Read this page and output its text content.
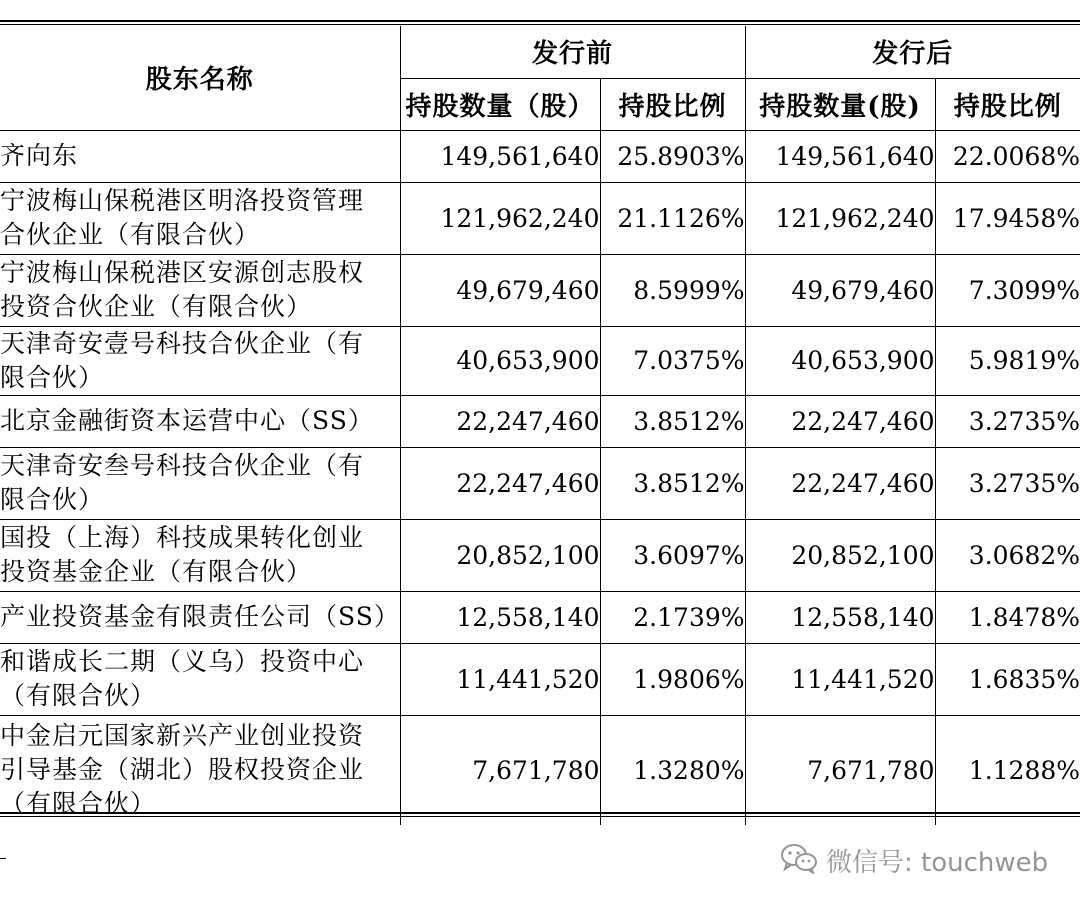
股东名称	发行前		发行后	
	持股数量（股）	持股比例	持股数量(股)	持股比例

齐向东	149,561,640	25.8903%	149,561,640	22.0068%

宁波梅山保税港区明洛投资管理
合伙企业（有限合伙）	121,962,240	21.1126%	121,962,240	17.9458%

宁波梅山保税港区安源创志股权
投资合伙企业（有限合伙）	49,679,460	8.5999%	49,679,460	7.3099%

天津奇安壹号科技合伙企业（有
限合伙）	40,653,900	7.0375%	40,653,900	5.9819%

北京金融街资本运营中心（SS）	22,247,460	3.8512%	22,247,460	3.2735%

天津奇安叁号科技合伙企业（有
限合伙）	22,247,460	3.8512%	22,247,460	3.2735%

国投（上海）科技成果转化创业
投资基金企业（有限合伙）	20,852,100	3.6097%	20,852,100	3.0682%

产业投资基金有限责任公司（SS）	12,558,140	2.1739%	12,558,140	1.8478%

和谐成长二期（义乌）投资中心
（有限合伙）	11,441,520	1.9806%	11,441,520	1.6835%

中金启元国家新兴产业创业投资
引导基金（湖北）股权投资企业
（有限合伙）	7,671,780	1.3280%	7,671,780	1.1288%
微信号: touchweb
